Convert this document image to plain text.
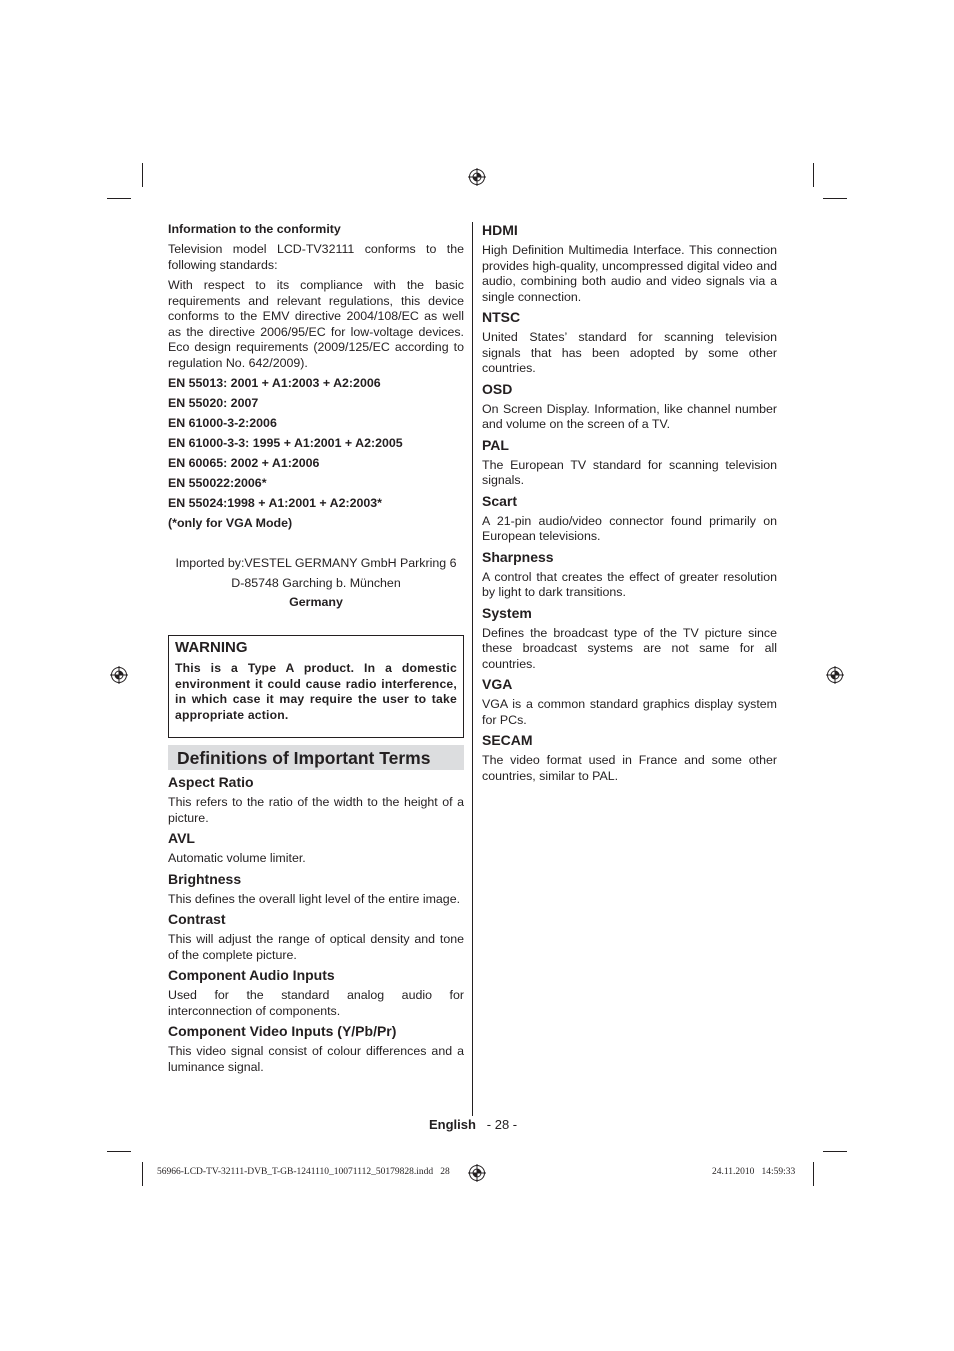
Information to the conformity
Television model LCD-TV32111 conforms to the following standards:
With respect to its compliance with the basic requirements and relevant regulations, this device conforms to the EMV directive 2004/108/EC as well as the directive 2006/95/EC for low-voltage devices. Eco design requirements (2009/125/EC according to regulation No. 642/2009).
EN 55013: 2001 + A1:2003 + A2:2006
EN 55020: 2007
EN 61000-3-2:2006
EN 61000-3-3: 1995 + A1:2001 + A2:2005
EN 60065: 2002 + A1:2006
EN 550022:2006*
EN 55024:1998 + A1:2001 + A2:2003*
(*only for VGA Mode)
Imported by:VESTEL GERMANY GmbH Parkring 6
D-85748 Garching b. München
Germany
WARNING
This is a Type A product. In a domestic environment it could cause radio interference, in which case it may require the user to take appropriate action.
Definitions of Important Terms
Aspect Ratio
This refers to the ratio of the width to the height of a picture.
AVL
Automatic volume limiter.
Brightness
This defines the overall light level of the entire image.
Contrast
This will adjust the range of optical density and tone of the complete picture.
Component Audio Inputs
Used for the standard analog audio for interconnection of components.
Component Video Inputs (Y/Pb/Pr)
This video signal consist of colour differences and a luminance signal.
HDMI
High Definition Multimedia Interface. This connection provides high-quality, uncompressed digital video and audio, combining both audio and video signals via a single connection.
NTSC
United States’ standard for scanning television signals that has been adopted by some other countries.
OSD
On Screen Display. Information, like channel number and volume on the screen of a TV.
PAL
The European TV standard for scanning television signals.
Scart
A 21-pin audio/video connector found primarily on European televisions.
Sharpness
A control that creates the effect of greater resolution by light to dark transitions.
System
Defines the broadcast type of the TV picture since these broadcast systems are not same for all countries.
VGA
VGA is a common standard graphics display system for PCs.
SECAM
The video format used in France and some other countries, similar to PAL.
English - 28 -
56966-LCD-TV-32111-DVB_T-GB-1241110_10071112_50179828.indd   28	24.11.2010   14:59:33
